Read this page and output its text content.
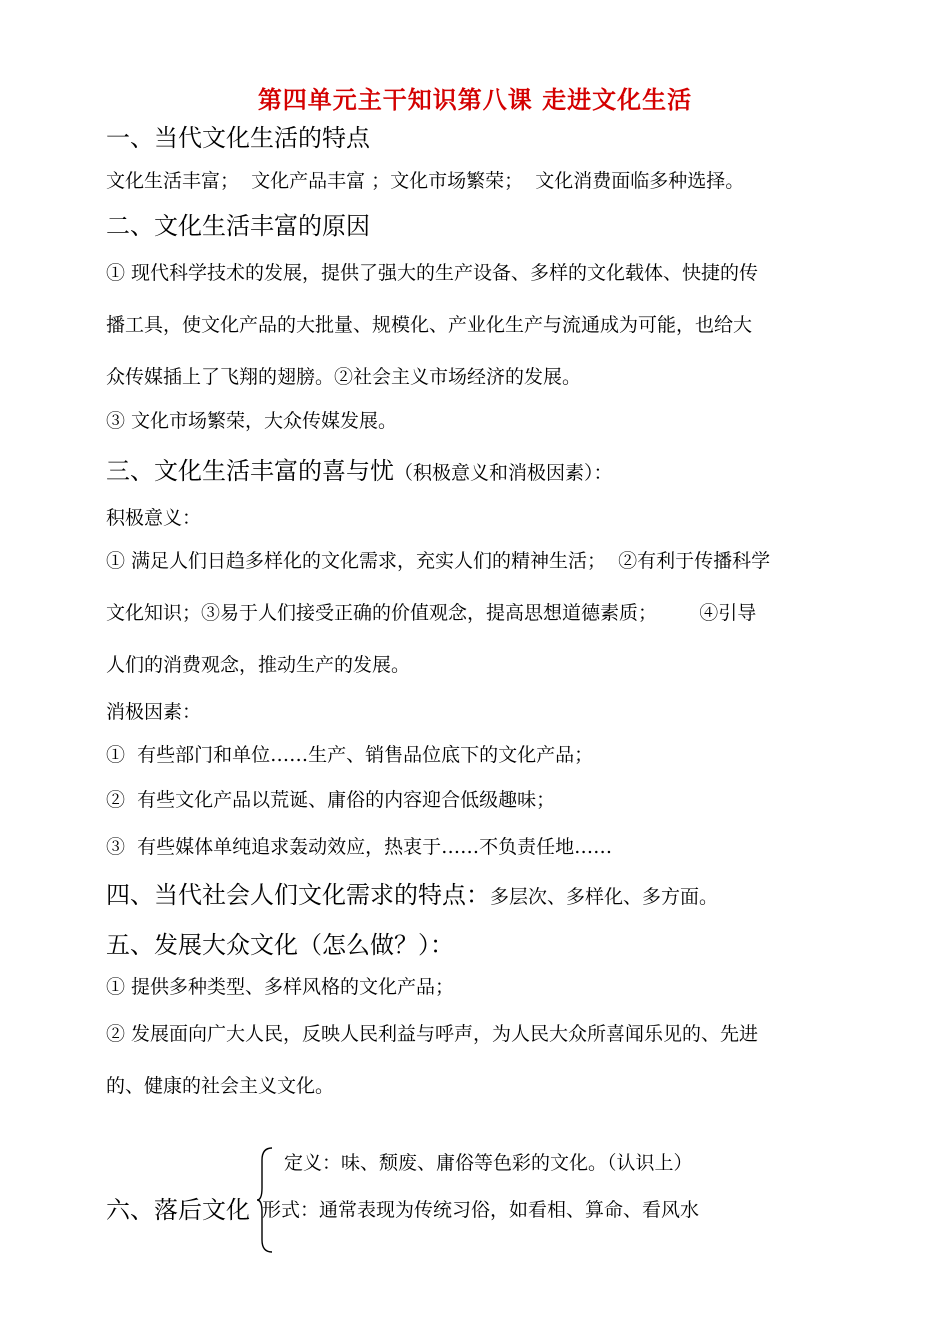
第四单元主干知识第八课 走进文化生活
一、当代文化生活的特点
文化生活丰富；  文化产品丰富 ；文化市场繁荣；  文化消费面临多种选择。
二、文化生活丰富的原因
① 现代科学技术的发展，提供了强大的生产设备、多样的文化载体、快捷的传
播工具，使文化产品的大批量、规模化、产业化生产与流通成为可能，也给大
众传媒插上了飞翔的翅膀。②社会主义市场经济的发展。
③ 文化市场繁荣，大众传媒发展。
三、文化生活丰富的喜与忧（积极意义和消极因素）：
积极意义：
① 满足人们日趋多样化的文化需求，充实人们的精神生活；  ②有利于传播科学
文化知识；③易于人们接受正确的价值观念，提高思想道德素质；       ④引导
人们的消费观念，推动生产的发展。
消极因素：
①  有些部门和单位……生产、销售品位底下的文化产品；
②  有些文化产品以荒诞、庸俗的内容迎合低级趣味；
③  有些媒体单纯追求轰动效应，热衷于……不负责任地……
四、当代社会人们文化需求的特点：多层次、多样化、多方面。
五、发展大众文化（怎么做？）：
① 提供多种类型、多样风格的文化产品；
② 发展面向广大人民，反映人民利益与呼声，为人民大众所喜闻乐见的、先进
的、健康的社会主义文化。
六、落后文化
定义：味、颓废、庸俗等色彩的文化。（认识上）
形式：通常表现为传统习俗，如看相、算命、看风水
